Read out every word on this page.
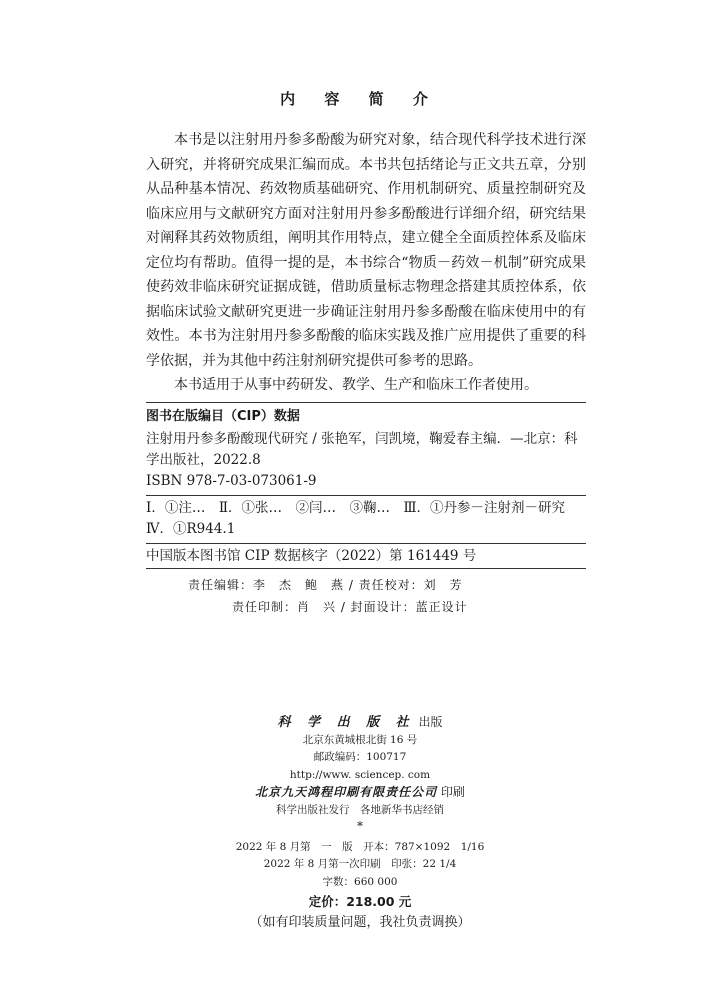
内 容 简 介

本书是以注射用丹参多酚酸为研究对象，结合现代科学技术进行深入研究，并将研究成果汇编而成。本书共包括绪论与正文共五章，分别从品种基本情况、药效物质基础研究、作用机制研究、质量控制研究及临床应用与文献研究方面对注射用丹参多酚酸进行详细介绍，研究结果对阐释其药效物质组，阐明其作用特点，建立健全全面质控体系及临床定位均有帮助。值得一提的是，本书综合“物质－药效－机制”研究成果使药效非临床研究证据成链，借助质量标志物理念搭建其质控体系，依据临床试验文献研究更进一步确证注射用丹参多酚酸在临床使用中的有效性。本书为注射用丹参多酚酸的临床实践及推广应用提供了重要的科学依据，并为其他中药注射剂研究提供可参考的思路。

本书适用于从事中药研发、教学、生产和临床工作者使用。

图书在版编目（CIP）数据
注射用丹参多酚酸现代研究 / 张艳军，闫凯境，鞠爱春主编．—北京：科学出版社，2022.8
ISBN 978-7-03-073061-9
Ⅰ．①注…　Ⅱ．①张…　②闫…　③鞠…　Ⅲ．①丹参－注射剂－研究　Ⅳ．①R944.1
中国版本图书馆 CIP 数据核字（2022）第 161449 号
责任编辑：李　杰　鲍　燕 / 责任校对：刘　芳
责任印制：肖　兴 / 封面设计：蓝正设计
科 学 出 版 社 出版
北京东黄城根北街 16 号
邮政编码：100717
http://www. sciencep. com
北京九天鸿程印刷有限责任公司 印刷
科学出版社发行　各地新华书店经销
*
2022 年 8 月第　一　版　开本：787×1092　1/16
2022 年 8 月第一次印刷　印张：22 1/4
字数：660 000
定价：218.00 元
（如有印装质量问题，我社负责调换）
